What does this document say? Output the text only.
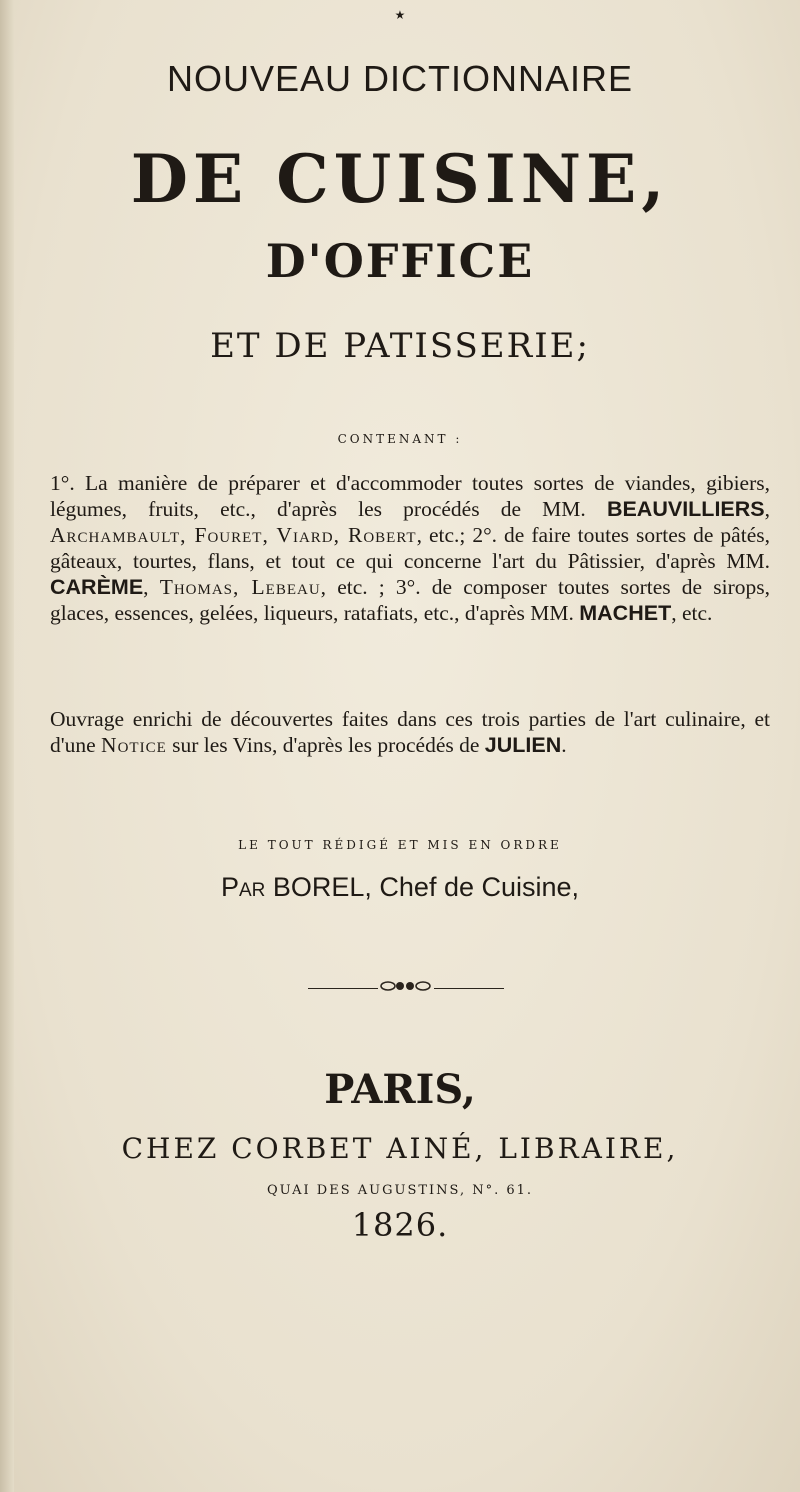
٭
NOUVEAU DICTIONNAIRE
DE CUISINE,
D'OFFICE
ET DE PATISSERIE;
CONTENANT :
1°. La manière de préparer et d'accommoder toutes sortes de viandes, gibiers, légumes, fruits, etc., d'après les procédés de MM. BEAUVILLIERS, Archambault, Fouret, Viard, Robert, etc.; 2°. de faire toutes sortes de pâtés, gâteaux, tourtes, flans, et tout ce qui concerne l'art du Pâtissier, d'après MM. CARÈME, Thomas, Lebeau, etc. ; 3°. de composer toutes sortes de sirops, glaces, essences, gelées, liqueurs, ratafiats, etc., d'après MM. MACHET, etc.
Ouvrage enrichi de découvertes faites dans ces trois parties de l'art culinaire, et d'une Notice sur les Vins, d'après les procédés de JULIEN.
LE TOUT RÉDIGÉ ET MIS EN ORDRE
Par BOREL, Chef de Cuisine,
PARIS,
CHEZ CORBET AINÉ, LIBRAIRE,
QUAI DES AUGUSTINS, N°. 61.
1826.
